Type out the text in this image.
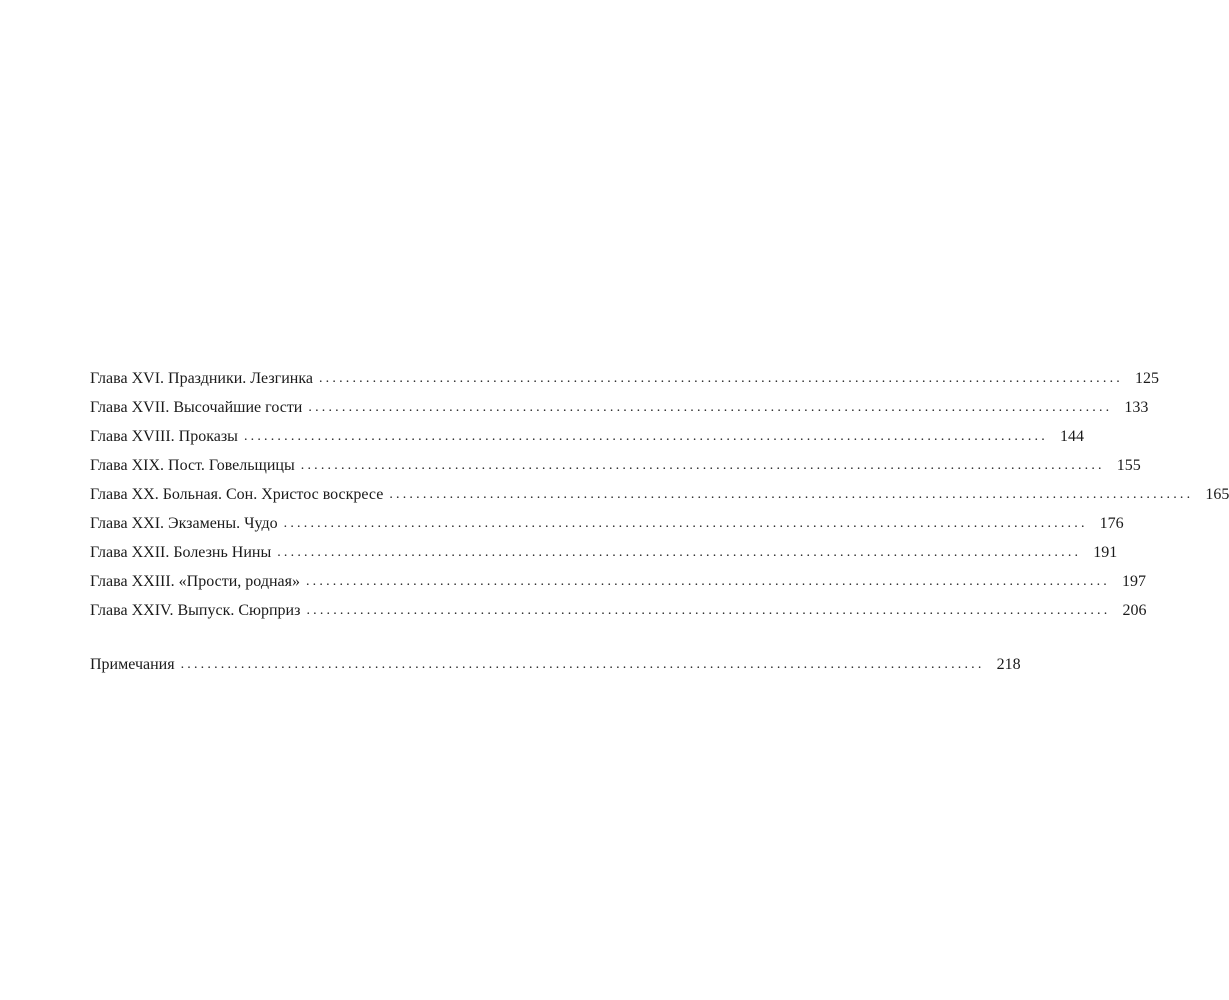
Глава XVI. Праздники. Лезгинка ........................................................................................................................ 125
Глава XVII. Высочайшие гости ........................................................................................................................ 133
Глава XVIII. Проказы ........................................................................................................................ 144
Глава XIX. Пост. Говельщицы ........................................................................................................................ 155
Глава XX. Больная. Сон. Христос воскресе ........................................................................................................................ 165
Глава XXI. Экзамены. Чудо ........................................................................................................................ 176
Глава XXII. Болезнь Нины ........................................................................................................................ 191
Глава XXIII. «Прости, родная» ........................................................................................................................ 197
Глава XXIV. Выпуск. Сюрприз ........................................................................................................................ 206
Примечания ........................................................................................................................ 218
